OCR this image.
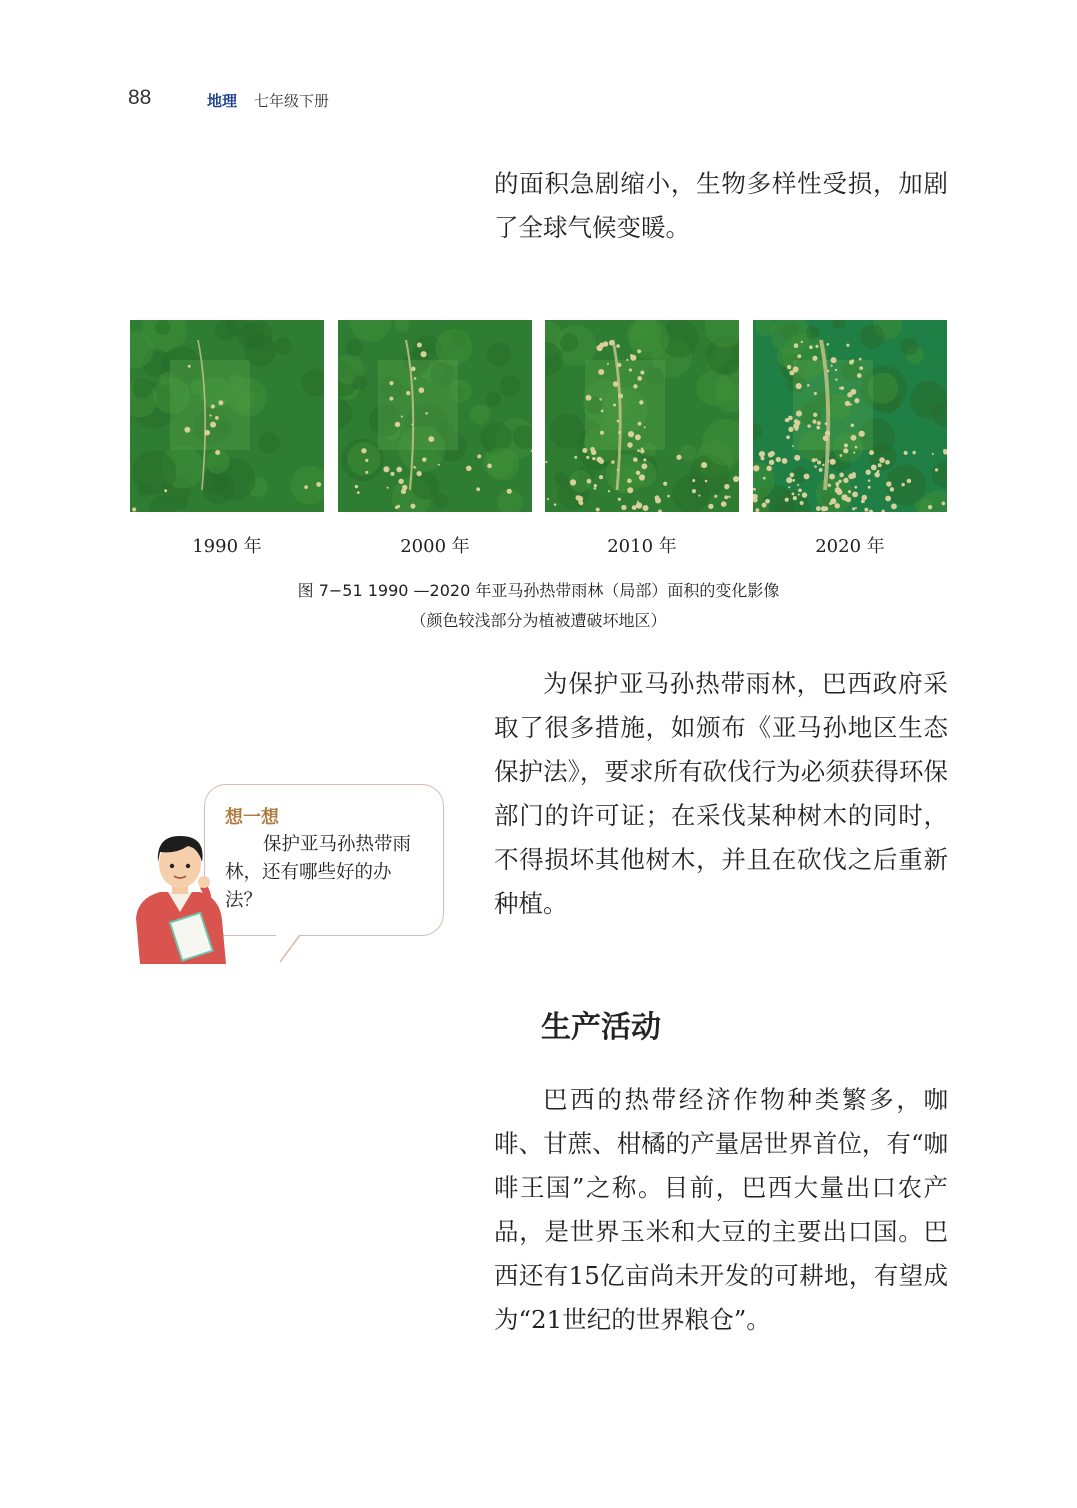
88	地理 七年级下册

的面积急剧缩小，生物多样性受损，加剧了全球气候变暖。

1990 年	2000 年	2010 年	2020 年
图 7−51 1990 —2020 年亚马孙热带雨林（局部）面积的变化影像
（颜色较浅部分为植被遭破坏地区）
想一想
保护亚马孙热带雨林，还有哪些好的办法？

为保护亚马孙热带雨林，巴西政府采取了很多措施，如颁布《亚马孙地区生态保护法》，要求所有砍伐行为必须获得环保部门的许可证；在采伐某种树木的同时，不得损坏其他树木，并且在砍伐之后重新种植。

生产活动

巴西的热带经济作物种类繁多，咖啡、甘蔗、柑橘的产量居世界首位，有“咖啡王国”之称。目前，巴西大量出口农产品，是世界玉米和大豆的主要出口国。巴西还有15亿亩尚未开发的可耕地，有望成为“21世纪的世界粮仓”。
